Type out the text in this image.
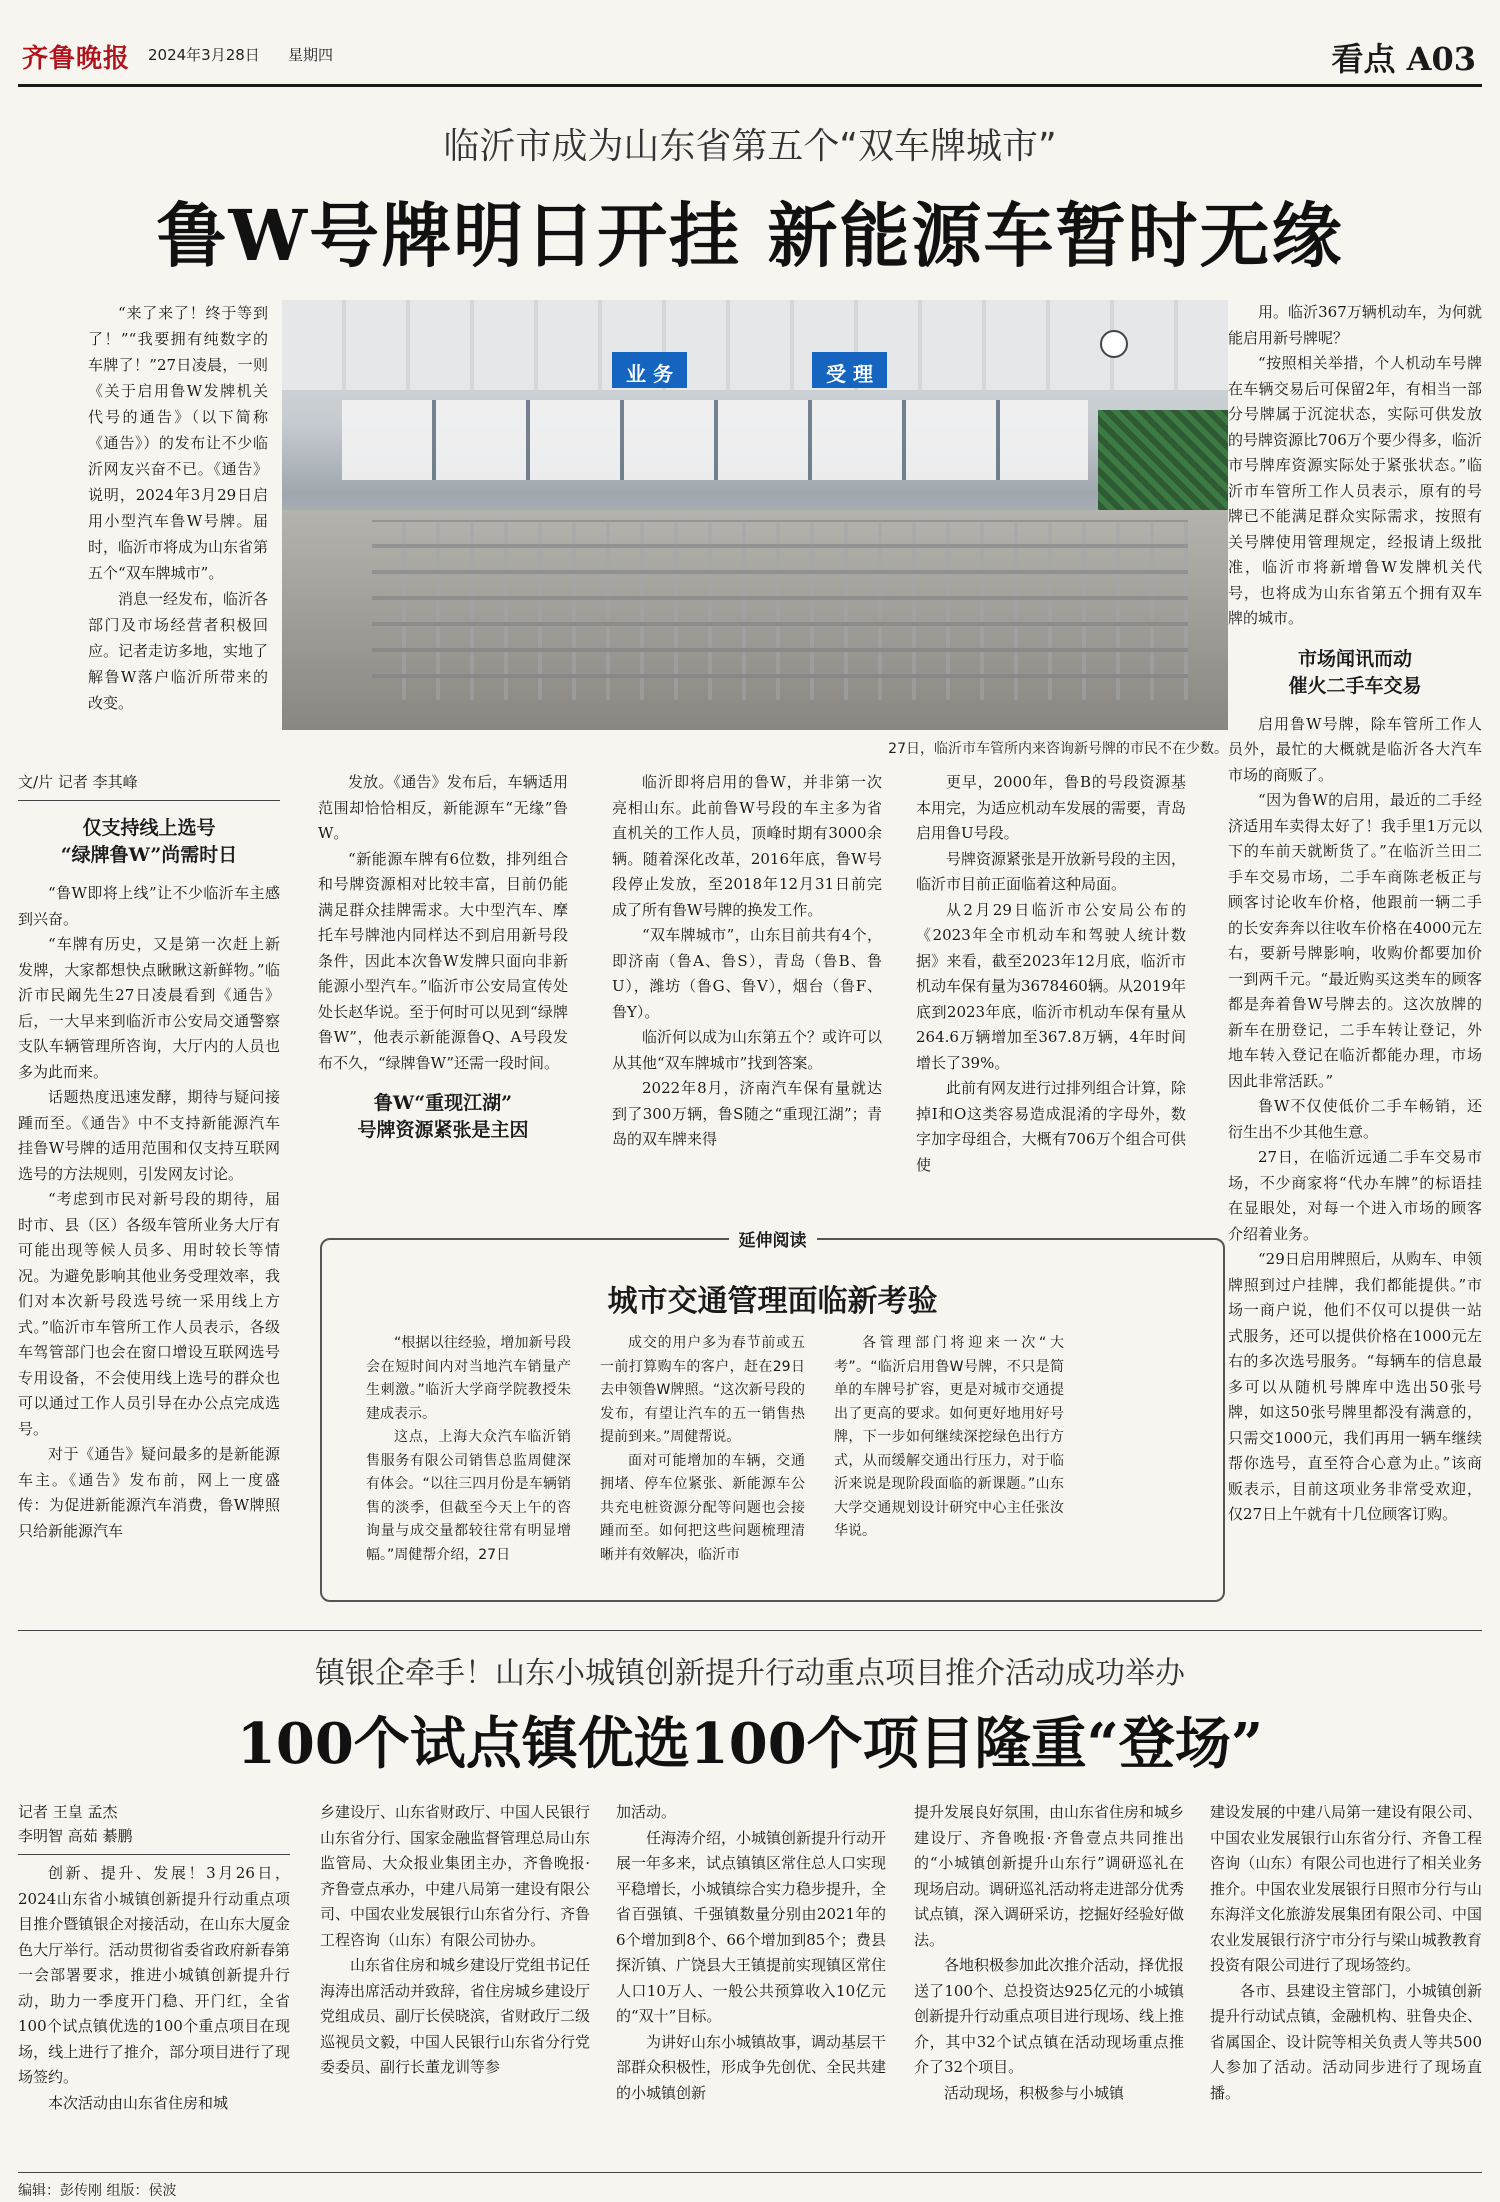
齐鲁晚报 2024年3月28日 星期四	看点 A03
临沂市成为山东省第五个“双车牌城市”
鲁W号牌明日开挂 新能源车暂时无缘

“来了来了！终于等到了！”“我要拥有纯数字的车牌了！”27日凌晨，一则《关于启用鲁W发牌机关代号的通告》（以下简称《通告》）的发布让不少临沂网友兴奋不已。《通告》说明，2024年3月29日启用小型汽车鲁W号牌。届时，临沂市将成为山东省第五个“双车牌城市”。

消息一经发布，临沂各部门及市场经营者积极回应。记者走访多地，实地了解鲁W落户临沂所带来的改变。

业 务	受 理
27日，临沂市车管所内来咨询新号牌的市民不在少数。

用。临沂367万辆机动车，为何就能启用新号牌呢？

“按照相关举措，个人机动车号牌在车辆交易后可保留2年，有相当一部分号牌属于沉淀状态，实际可供发放的号牌资源比706万个要少得多，临沂市号牌库资源实际处于紧张状态。”临沂市车管所工作人员表示，原有的号牌已不能满足群众实际需求，按照有关号牌使用管理规定，经报请上级批准，临沂市将新增鲁W发牌机关代号，也将成为山东省第五个拥有双车牌的城市。

市场闻讯而动
催火二手车交易

启用鲁W号牌，除车管所工作人员外，最忙的大概就是临沂各大汽车市场的商贩了。

“因为鲁W的启用，最近的二手经济适用车卖得太好了！我手里1万元以下的车前天就断货了。”在临沂兰田二手车交易市场，二手车商陈老板正与顾客讨论收车价格，他跟前一辆二手的长安奔奔以往收车价格在4000元左右，要新号牌影响，收购价都要加价一到两千元。“最近购买这类车的顾客都是奔着鲁W号牌去的。这次放牌的新车在册登记，二手车转让登记，外地车转入登记在临沂都能办理，市场因此非常活跃。”

鲁W不仅使低价二手车畅销，还衍生出不少其他生意。

27日，在临沂远通二手车交易市场，不少商家将“代办车牌”的标语挂在显眼处，对每一个进入市场的顾客介绍着业务。

“29日启用牌照后，从购车、申领牌照到过户挂牌，我们都能提供。”市场一商户说，他们不仅可以提供一站式服务，还可以提供价格在1000元左右的多次选号服务。“每辆车的信息最多可以从随机号牌库中选出50张号牌，如这50张号牌里都没有满意的，只需交1000元，我们再用一辆车继续帮你选号，直至符合心意为止。”该商贩表示，目前这项业务非常受欢迎，仅27日上午就有十几位顾客订购。

文/片 记者 李其峰

仅支持线上选号
“绿牌鲁W”尚需时日

“鲁W即将上线”让不少临沂车主感到兴奋。

“车牌有历史，又是第一次赶上新发牌，大家都想快点瞅瞅这新鲜物。”临沂市民阚先生27日凌晨看到《通告》后，一大早来到临沂市公安局交通警察支队车辆管理所咨询，大厅内的人员也多为此而来。

话题热度迅速发酵，期待与疑问接踵而至。《通告》中不支持新能源汽车挂鲁W号牌的适用范围和仅支持互联网选号的方法规则，引发网友讨论。

“考虑到市民对新号段的期待，届时市、县（区）各级车管所业务大厅有可能出现等候人员多、用时较长等情况。为避免影响其他业务受理效率，我们对本次新号段选号统一采用线上方式。”临沂市车管所工作人员表示，各级车驾管部门也会在窗口增设互联网选号专用设备，不会使用线上选号的群众也可以通过工作人员引导在办公点完成选号。

对于《通告》疑问最多的是新能源车主。《通告》发布前，网上一度盛传：为促进新能源汽车消费，鲁W牌照只给新能源汽车

发放。《通告》发布后，车辆适用范围却恰恰相反，新能源车“无缘”鲁W。

“新能源车牌有6位数，排列组合和号牌资源相对比较丰富，目前仍能满足群众挂牌需求。大中型汽车、摩托车号牌池内同样达不到启用新号段条件，因此本次鲁W发牌只面向非新能源小型汽车。”临沂市公安局宣传处处长赵华说。至于何时可以见到“绿牌鲁W”，他表示新能源鲁Q、A号段发布不久，“绿牌鲁W”还需一段时间。

鲁W“重现江湖”
号牌资源紧张是主因

临沂即将启用的鲁W，并非第一次亮相山东。此前鲁W号段的车主多为省直机关的工作人员，顶峰时期有3000余辆。随着深化改革，2016年底，鲁W号段停止发放，至2018年12月31日前完成了所有鲁W号牌的换发工作。

“双车牌城市”，山东目前共有4个，即济南（鲁A、鲁S），青岛（鲁B、鲁U），潍坊（鲁G、鲁V），烟台（鲁F、鲁Y）。

临沂何以成为山东第五个？或许可以从其他“双车牌城市”找到答案。

2022年8月，济南汽车保有量就达到了300万辆，鲁S随之“重现江湖”；青岛的双车牌来得

更早，2000年，鲁B的号段资源基本用完，为适应机动车发展的需要，青岛启用鲁U号段。

号牌资源紧张是开放新号段的主因，临沂市目前正面临着这种局面。

从2月29日临沂市公安局公布的《2023年全市机动车和驾驶人统计数据》来看，截至2023年12月底，临沂市机动车保有量为3678460辆。从2019年底到2023年底，临沂市机动车保有量从264.6万辆增加至367.8万辆，4年时间增长了39%。

此前有网友进行过排列组合计算，除掉I和O这类容易造成混淆的字母外，数字加字母组合，大概有706万个组合可供使

延伸阅读
城市交通管理面临新考验

“根据以往经验，增加新号段会在短时间内对当地汽车销量产生刺激。”临沂大学商学院教授朱建成表示。

这点，上海大众汽车临沂销售服务有限公司销售总监周健深有体会。“以往三四月份是车辆销售的淡季，但截至今天上午的咨询量与成交量都较往常有明显增幅。”周健帮介绍，27日

成交的用户多为春节前或五一前打算购车的客户，赶在29日去申领鲁W牌照。“这次新号段的发布，有望让汽车的五一销售热提前到来。”周健帮说。

面对可能增加的车辆，交通拥堵、停车位紧张、新能源车公共充电桩资源分配等问题也会接踵而至。如何把这些问题梳理清晰并有效解决，临沂市

各管理部门将迎来一次“大考”。“临沂启用鲁W号牌，不只是简单的车牌号扩容，更是对城市交通提出了更高的要求。如何更好地用好号牌，下一步如何继续深挖绿色出行方式，从而缓解交通出行压力，对于临沂来说是现阶段面临的新课题。”山东大学交通规划设计研究中心主任张汝华说。

镇银企牵手！山东小城镇创新提升行动重点项目推介活动成功举办
100个试点镇优选100个项目隆重“登场”
记者 王皇 孟杰
李明智 高茹 綦鹏

创新、提升、发展！3月26日，2024山东省小城镇创新提升行动重点项目推介暨镇银企对接活动，在山东大厦金色大厅举行。活动贯彻省委省政府新春第一会部署要求，推进小城镇创新提升行动，助力一季度开门稳、开门红，全省100个试点镇优选的100个重点项目在现场，线上进行了推介，部分项目进行了现场签约。

本次活动由山东省住房和城

乡建设厅、山东省财政厅、中国人民银行山东省分行、国家金融监督管理总局山东监管局、大众报业集团主办，齐鲁晚报·齐鲁壹点承办，中建八局第一建设有限公司、中国农业发展银行山东省分行、齐鲁工程咨询（山东）有限公司协办。

山东省住房和城乡建设厅党组书记任海涛出席活动并致辞，省住房城乡建设厅党组成员、副厅长侯晓滨，省财政厅二级巡视员文毅，中国人民银行山东省分行党委委员、副行长董龙训等参

加活动。

任海涛介绍，小城镇创新提升行动开展一年多来，试点镇镇区常住总人口实现平稳增长，小城镇综合实力稳步提升，全省百强镇、千强镇数量分别由2021年的6个增加到8个、66个增加到85个；费县探沂镇、广饶县大王镇提前实现镇区常住人口10万人、一般公共预算收入10亿元的“双十”目标。

为讲好山东小城镇故事，调动基层干部群众积极性，形成争先创优、全民共建的小城镇创新

提升发展良好氛围，由山东省住房和城乡建设厅、齐鲁晚报·齐鲁壹点共同推出的“小城镇创新提升山东行”调研巡礼在现场启动。调研巡礼活动将走进部分优秀试点镇，深入调研采访，挖掘好经验好做法。

各地积极参加此次推介活动，择优报送了100个、总投资达925亿元的小城镇创新提升行动重点项目进行现场、线上推介，其中32个试点镇在活动现场重点推介了32个项目。

活动现场，积极参与小城镇

建设发展的中建八局第一建设有限公司、中国农业发展银行山东省分行、齐鲁工程咨询（山东）有限公司也进行了相关业务推介。中国农业发展银行日照市分行与山东海洋文化旅游发展集团有限公司、中国农业发展银行济宁市分行与梁山城教教育投资有限公司进行了现场签约。

各市、县建设主管部门，小城镇创新提升行动试点镇，金融机构、驻鲁央企、省属国企、设计院等相关负责人等共500人参加了活动。活动同步进行了现场直播。

编辑：彭传刚 组版：侯波
